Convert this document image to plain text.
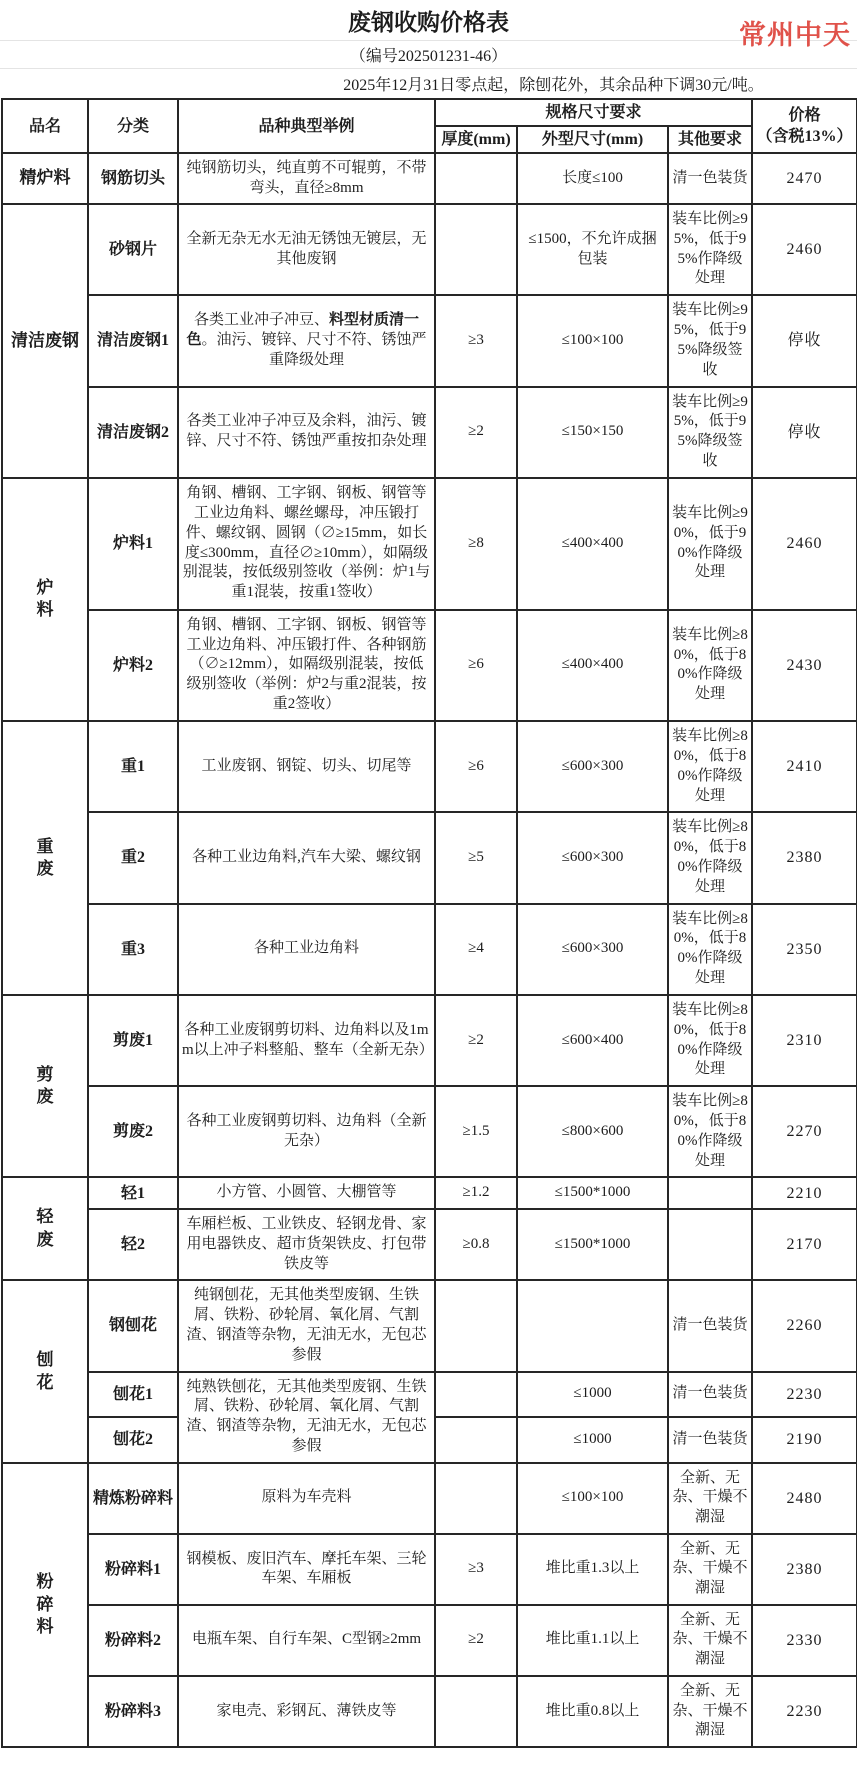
废钢收购价格表
（编号202501231-46）
常州中天
2025年12月31日零点起，除刨花外，其余品种下调30元/吨。
品名	分类	品种典型举例	规格尺寸要求			价格
（含税13%）
			厚度(mm)	外型尺寸(mm)	其他要求	
精炉料	钢筋切头	纯钢筋切头，纯直剪不可辊剪，不带弯头，直径≥8mm		长度≤100	清一色装货	2470
清洁废钢	砂钢片	全新无杂无水无油无锈蚀无镀层，无其他废钢		≤1500，不允许成捆包装	装车比例≥95%，低于95%作降级处理	2460
	清洁废钢1	各类工业冲子冲豆、料型材质清一色。油污、镀锌、尺寸不符、锈蚀严重降级处理	≥3	≤100×100	装车比例≥95%，低于95%降级签收	停收
	清洁废钢2	各类工业冲子冲豆及余料，油污、镀锌、尺寸不符、锈蚀严重按扣杂处理	≥2	≤150×150	装车比例≥95%，低于95%降级签收	停收
炉
料	炉料1	角钢、槽钢、工字钢、钢板、钢管等工业边角料、螺丝螺母，冲压锻打件、螺纹钢、圆钢（∅≥15mm，如长度≤300mm，直径∅≥10mm），如隔级别混装，按低级别签收（举例：炉1与重1混装，按重1签收）	≥8	≤400×400	装车比例≥90%，低于90%作降级处理	2460
	炉料2	角钢、槽钢、工字钢、钢板、钢管等工业边角料、冲压锻打件、各种钢筋（∅≥12mm），如隔级别混装，按低级别签收（举例：炉2与重2混装，按重2签收）	≥6	≤400×400	装车比例≥80%，低于80%作降级处理	2430
重
废	重1	工业废钢、钢锭、切头、切尾等	≥6	≤600×300	装车比例≥80%，低于80%作降级处理	2410
	重2	各种工业边角料,汽车大梁、螺纹钢	≥5	≤600×300	装车比例≥80%，低于80%作降级处理	2380
	重3	各种工业边角料	≥4	≤600×300	装车比例≥80%，低于80%作降级处理	2350
剪
废	剪废1	各种工业废钢剪切料、边角料以及1mm以上冲子料整船、整车（全新无杂）	≥2	≤600×400	装车比例≥80%，低于80%作降级处理	2310
	剪废2	各种工业废钢剪切料、边角料（全新无杂）	≥1.5	≤800×600	装车比例≥80%，低于80%作降级处理	2270
轻
废	轻1	小方管、小圆管、大棚管等	≥1.2	≤1500*1000		2210
	轻2	车厢栏板、工业铁皮、轻钢龙骨、家用电器铁皮、超市货架铁皮、打包带铁皮等	≥0.8	≤1500*1000		2170
刨
花	钢刨花	纯钢刨花，无其他类型废钢、生铁屑、铁粉、砂轮屑、氧化屑、气割渣、钢渣等杂物，无油无水，无包芯参假			清一色装货	2260
	刨花1	纯熟铁刨花，无其他类型废钢、生铁屑、铁粉、砂轮屑、氧化屑、气割渣、钢渣等杂物，无油无水，无包芯参假		≤1000	清一色装货	2230
	刨花2			≤1000	清一色装货	2190
粉
碎
料	精炼粉碎料	原料为车壳料		≤100×100	全新、无杂、干燥不潮湿	2480
	粉碎料1	钢模板、废旧汽车、摩托车架、三轮车架、车厢板	≥3	堆比重1.3以上	全新、无杂、干燥不潮湿	2380
	粉碎料2	电瓶车架、自行车架、C型钢≥2mm	≥2	堆比重1.1以上	全新、无杂、干燥不潮湿	2330
	粉碎料3	家电壳、彩钢瓦、薄铁皮等		堆比重0.8以上	全新、无杂、干燥不潮湿	2230
